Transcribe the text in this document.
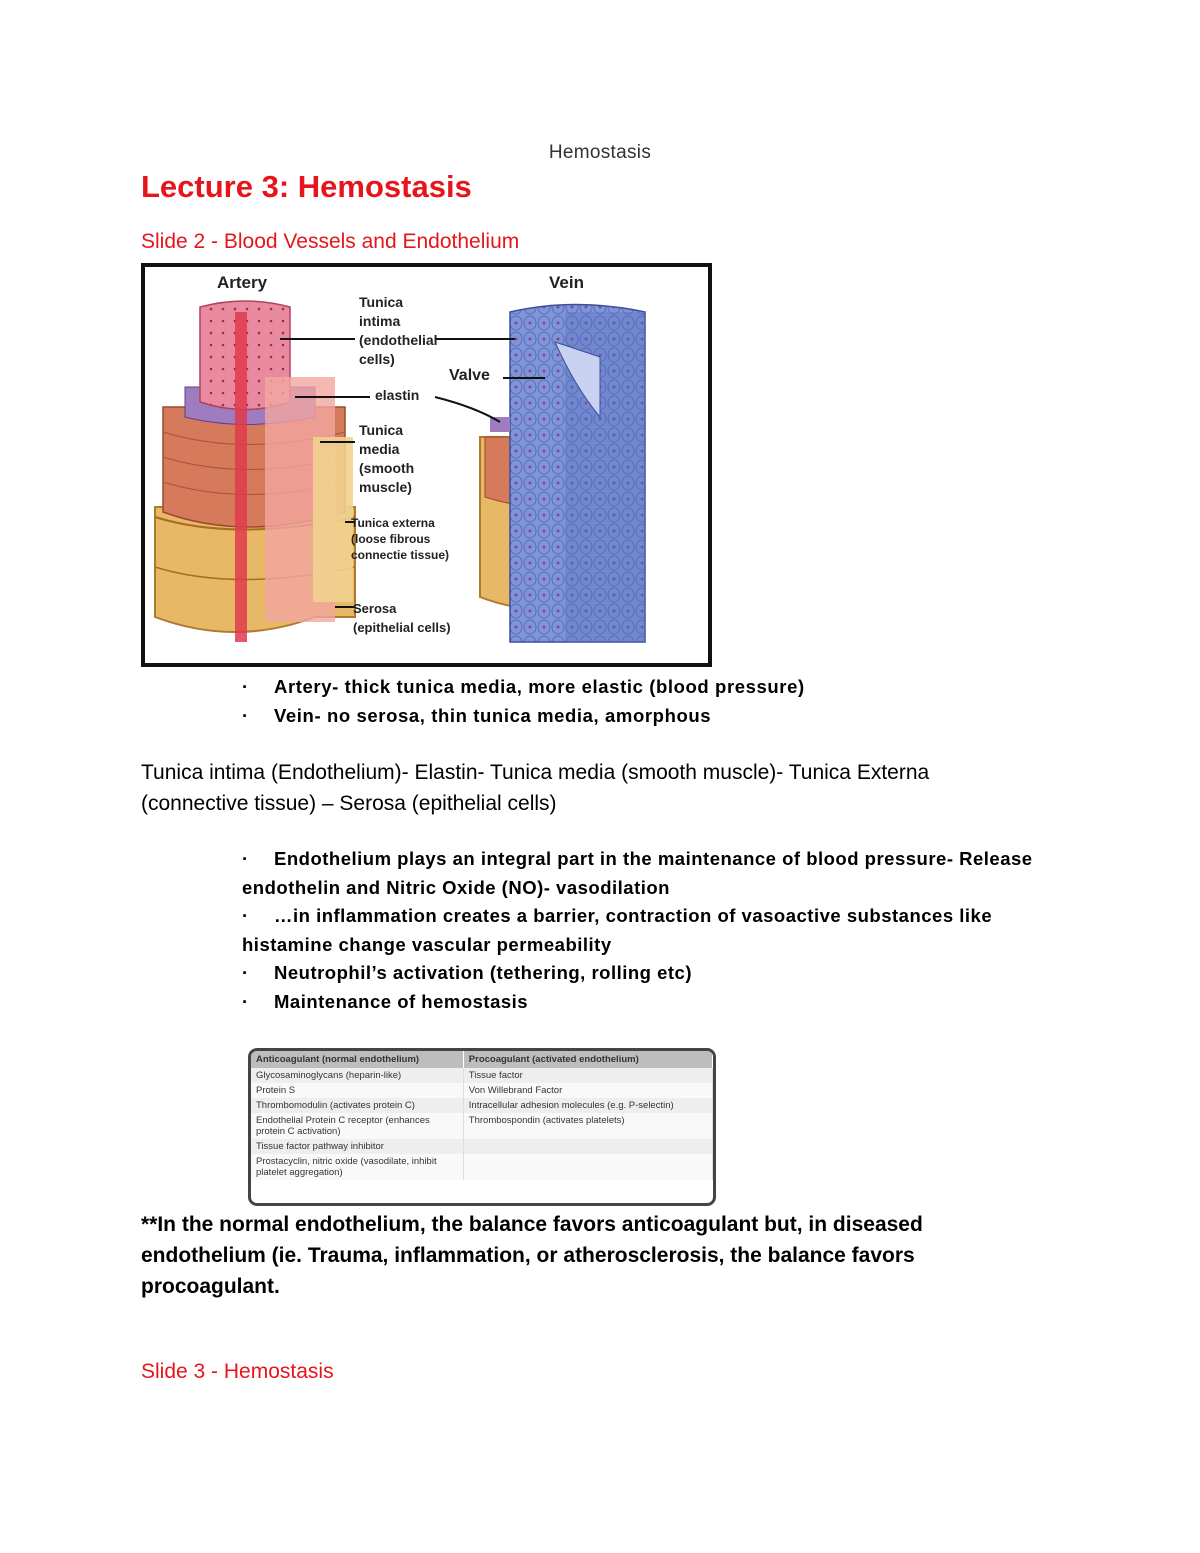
Hemostasis
Lecture 3: Hemostasis
Slide 2 - Blood Vessels and Endothelium
Artery	Vein
Tunica
intima
(endothelial
cells)
Valve
elastin
Tunica
media
(smooth
muscle)
Tunica externa
(loose fibrous
connectie tissue)
Serosa
(epithelial cells)
· Artery- thick tunica media, more elastic (blood pressure)
· Vein- no serosa, thin tunica media, amorphous
Tunica intima (Endothelium)- Elastin- Tunica media (smooth muscle)- Tunica Externa (connective tissue) – Serosa (epithelial cells)
· Endothelium plays an integral part in the maintenance of blood pressure- Release endothelin and Nitric Oxide (NO)- vasodilation
· …in inflammation creates a barrier, contraction of vasoactive substances like histamine change vascular permeability
· Neutrophil’s activation (tethering, rolling etc)
· Maintenance of hemostasis
Anticoagulant (normal endothelium)	Procoagulant (activated endothelium)
Glycosaminoglycans (heparin-like)	Tissue factor
Protein S	Von Willebrand Factor
Thrombomodulin (activates protein C)	Intracellular adhesion molecules (e.g. P-selectin)
Endothelial Protein C receptor (enhances protein C activation)	Thrombospondin (activates platelets)
Tissue factor pathway inhibitor	
Prostacyclin, nitric oxide (vasodilate, inhibit platelet aggregation)	
**In the normal endothelium, the balance favors anticoagulant but, in diseased endothelium (ie. Trauma, inflammation, or atherosclerosis, the balance favors procoagulant.
Slide 3 - Hemostasis
